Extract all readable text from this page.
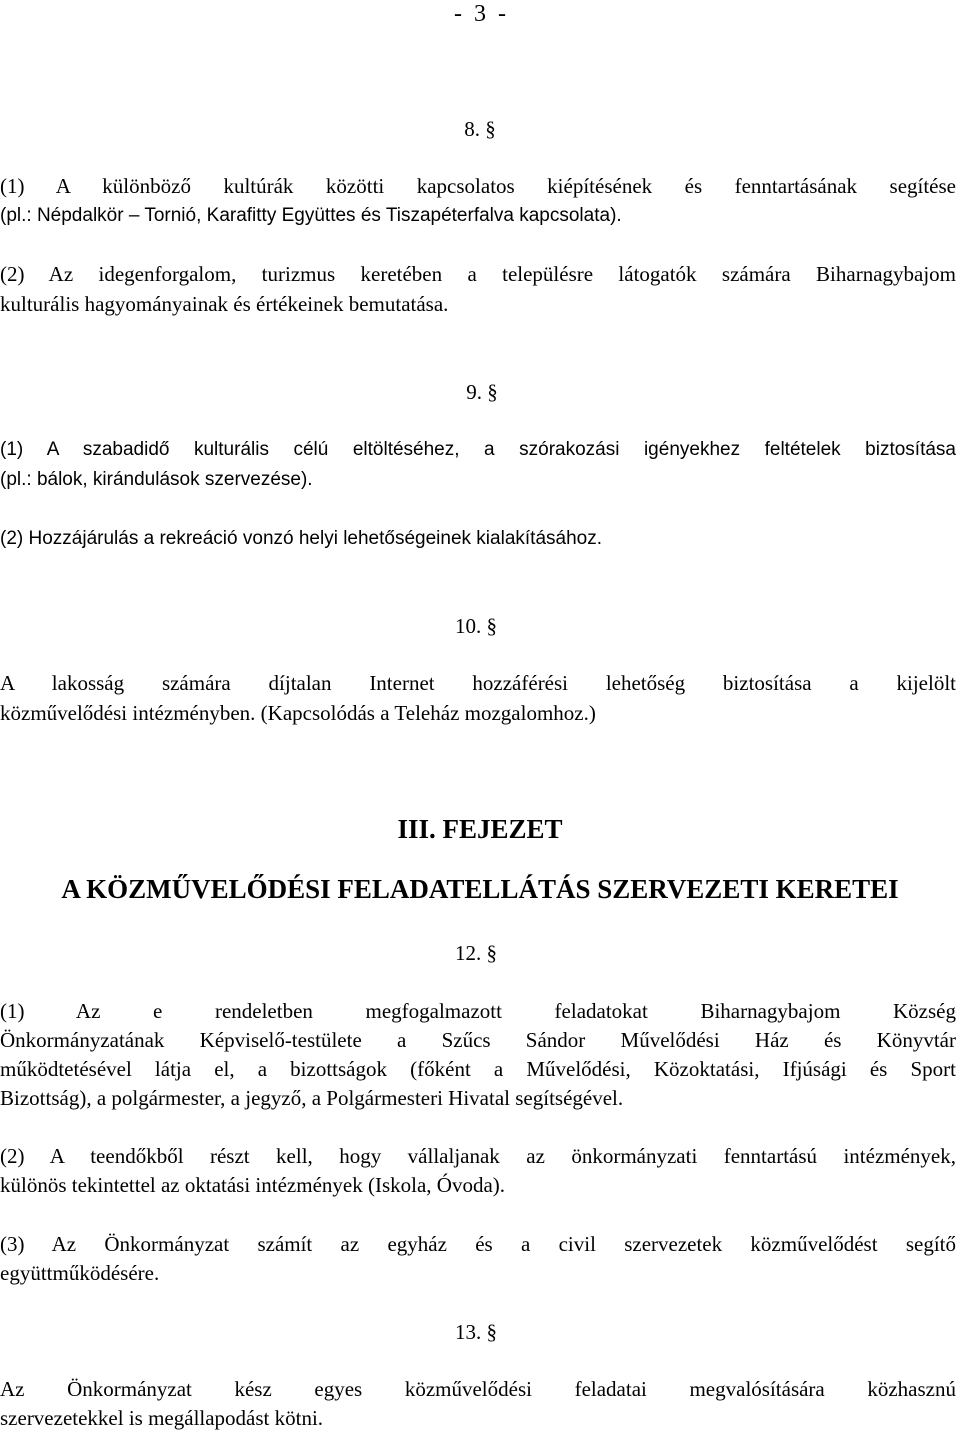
- 3 -
8. §
(1) A különböző kultúrák közötti kapcsolatos kiépítésének és fenntartásának segítése
(pl.: Népdalkör – Tornió, Karafitty Együttes és Tiszapéterfalva kapcsolata).
(2) Az idegenforgalom, turizmus keretében a településre látogatók számára Biharnagybajom
kulturális hagyományainak és értékeinek bemutatása.
9. §
(1) A szabadidő kulturális célú eltöltéséhez, a szórakozási igényekhez feltételek biztosítása
(pl.: bálok, kirándulások szervezése).
(2) Hozzájárulás a rekreáció vonzó helyi lehetőségeinek kialakításához.
10. §
A lakosság számára díjtalan Internet hozzáférési lehetőség biztosítása a kijelölt
közművelődési intézményben. (Kapcsolódás a Teleház mozgalomhoz.)
III. FEJEZET
A KÖZMŰVELŐDÉSI FELADATELLÁTÁS SZERVEZETI KERETEI
12. §
(1) Az e rendeletben megfogalmazott feladatokat Biharnagybajom Község
Önkormányzatának Képviselő-testülete a Szűcs Sándor Művelődési Ház és Könyvtár
működtetésével látja el, a bizottságok (főként a Művelődési, Közoktatási, Ifjúsági és Sport
Bizottság), a polgármester, a jegyző, a Polgármesteri Hivatal segítségével.
(2) A teendőkből részt kell, hogy vállaljanak az önkormányzati fenntartású intézmények,
különös tekintettel az oktatási intézmények (Iskola, Óvoda).
(3) Az Önkormányzat számít az egyház és a civil szervezetek közművelődést segítő
együttműködésére.
13. §
Az Önkormányzat kész egyes közművelődési feladatai megvalósítására közhasznú
szervezetekkel is megállapodást kötni.
